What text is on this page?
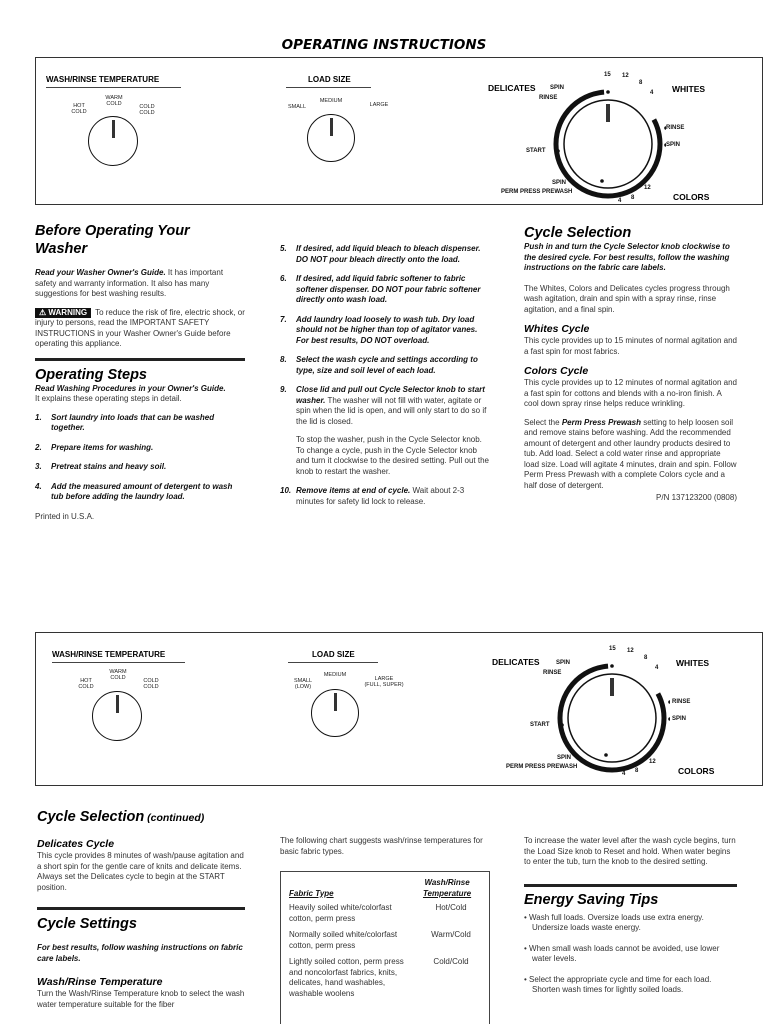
OPERATING INSTRUCTIONS
WASH/RINSE TEMPERATURE
WARM
COLD
HOT
COLD
COLD
COLD
LOAD SIZE
MEDIUM
SMALL	LARGE
DELICATES	WHITES
COLORS
SPIN
RINSE
RINSE
SPIN
START
SPIN
PERM PRESS PREWASH
15 12
8
4
12
8
4
Before Operating Your Washer
Read your Washer Owner's Guide. It has important safety and warranty information. It also has many suggestions for best washing results.
⚠ WARNING To reduce the risk of fire, electric shock, or injury to persons, read the IMPORTANT SAFETY INSTRUCTIONS in your Washer Owner's Guide before operating this appliance.
Operating Steps
Read Washing Procedures in your Owner's Guide.
It explains these operating steps in detail.
1. Sort laundry into loads that can be washed together.
2. Prepare items for washing.
3. Pretreat stains and heavy soil.
4. Add the measured amount of detergent to wash tub before adding the laundry load.
Printed in U.S.A.
5. If desired, add liquid bleach to bleach dispenser. DO NOT pour bleach directly onto the load.
6. If desired, add liquid fabric softener to fabric softener dispenser. DO NOT pour fabric softener directly onto wash load.
7. Add laundry load loosely to wash tub. Dry load should not be higher than top of agitator vanes. For best results, DO NOT overload.
8. Select the wash cycle and settings according to type, size and soil level of each load.
9. Close lid and pull out Cycle Selector knob to start washer. The washer will not fill with water, agitate or spin when the lid is open, and will only start to do so if the lid is closed.
To stop the washer, push in the Cycle Selector knob. To change a cycle, push in the Cycle Selector knob and turn it clockwise to the desired setting. Pull out the knob to restart the washer.
10. Remove items at end of cycle. Wait about 2-3 minutes for safety lid lock to release.
Cycle Selection
Push in and turn the Cycle Selector knob clockwise to the desired cycle. For best results, follow the washing instructions on the fabric care labels.
The Whites, Colors and Delicates cycles progress through wash agitation, drain and spin with a spray rinse, rinse agitation, and a final spin.
Whites Cycle
This cycle provides up to 15 minutes of normal agitation and a fast spin for most fabrics.
Colors Cycle
This cycle provides up to 12 minutes of normal agitation and a fast spin for cottons and blends with a no-iron finish. A cool down spray rinse helps reduce wrinkling.
Select the Perm Press Prewash setting to help loosen soil and remove stains before washing. Add the recommended amount of detergent and other laundry products desired to tub. Add load. Select a cold water rinse and appropriate load size. Load will agitate 4 minutes, drain and spin. Follow Perm Press Prewash with a complete Colors cycle and a half dose of detergent.
P/N 137123200 (0808)
WASH/RINSE TEMPERATURE
WARM
COLD
HOT
COLD
COLD
COLD
LOAD SIZE
MEDIUM
SMALL
(LOW)
LARGE
(FULL, SUPER)
DELICATES	WHITES
COLORS
SPIN
RINSE
RINSE
SPIN
START
SPIN
PERM PRESS PREWASH
15 12
8
4
12
8
4
Cycle Selection (continued)
Delicates Cycle
This cycle provides 8 minutes of wash/pause agitation and a short spin for the gentle care of knits and delicate items. Always set the Delicates cycle to begin at the START position.
Cycle Settings
For best results, follow washing instructions on fabric care labels.
Wash/Rinse Temperature
Turn the Wash/Rinse Temperature knob to select the wash water temperature suitable for the fiber
The following chart suggests wash/rinse temperatures for basic fabric types.
Fabric Type
Wash/Rinse
Temperature
Heavily soiled white/colorfast cotton, perm press
Hot/Cold
Normally soiled white/colorfast cotton, perm press
Warm/Cold
Lightly soiled cotton, perm press and noncolorfast fabrics, knits, delicates, hand washables, washable woolens
Cold/Cold
To increase the water level after the wash cycle begins, turn the Load Size knob to Reset and hold. When water begins to enter the tub, turn the knob to the desired setting.
Energy Saving Tips
• Wash full loads. Oversize loads use extra energy. Undersize loads waste energy.
• When small wash loads cannot be avoided, use lower water levels.
• Select the appropriate cycle and time for each load. Shorten wash times for lightly soiled loads.
